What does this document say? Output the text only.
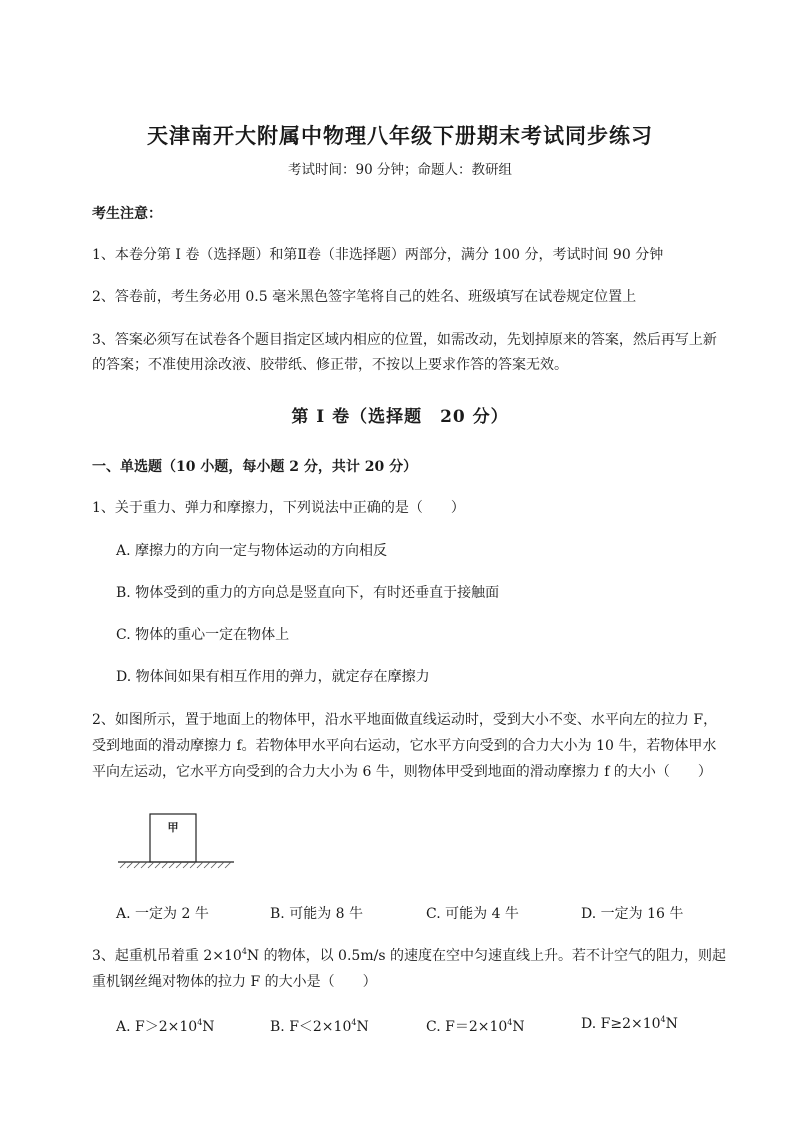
天津南开大附属中物理八年级下册期末考试同步练习
考试时间：90 分钟；命题人：教研组
考生注意：
1、本卷分第 I 卷（选择题）和第Ⅱ卷（非选择题）两部分，满分 100 分，考试时间 90 分钟
2、答卷前，考生务必用 0.5 毫米黑色签字笔将自己的姓名、班级填写在试卷规定位置上
3、答案必须写在试卷各个题目指定区域内相应的位置，如需改动，先划掉原来的答案，然后再写上新
的答案；不准使用涂改液、胶带纸、修正带，不按以上要求作答的答案无效。
第 I 卷（选择题　20 分）
一、单选题（10 小题，每小题 2 分，共计 20 分）
1、关于重力、弹力和摩擦力，下列说法中正确的是（　　）
A. 摩擦力的方向一定与物体运动的方向相反
B. 物体受到的重力的方向总是竖直向下，有时还垂直于接触面
C. 物体的重心一定在物体上
D. 物体间如果有相互作用的弹力，就定存在摩擦力
2、如图所示，置于地面上的物体甲，沿水平地面做直线运动时，受到大小不变、水平向左的拉力 F，
受到地面的滑动摩擦力 f。若物体甲水平向右运动，它水平方向受到的合力大小为 10 牛，若物体甲水
平向左运动，它水平方向受到的合力大小为 6 牛，则物体甲受到地面的滑动摩擦力 f 的大小（　　）
甲
A. 一定为 2 牛	B. 可能为 8 牛	C. 可能为 4 牛	D. 一定为 16 牛
3、起重机吊着重 $2\times 10^4N$ 的物体，以 0.5m/s 的速度在空中匀速直线上升。若不计空气的阻力，则起
重机钢丝绳对物体的拉力 F 的大小是（　　）
A. $F>2\times 10^4N$	B. $F<2\times 10^4N$	C. $F=2\times 10^4N$	D. $F\ge 2\times 10^4N$
